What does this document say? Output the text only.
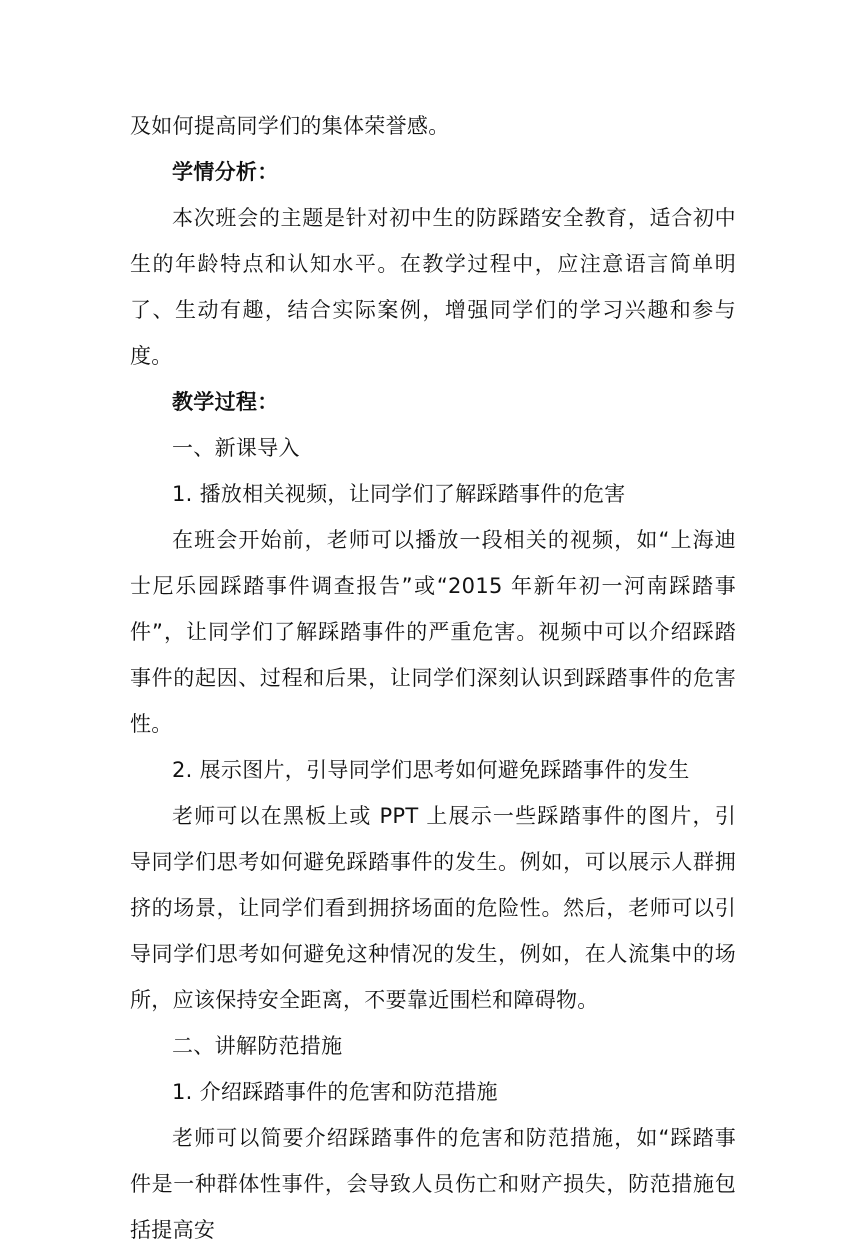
及如何提高同学们的集体荣誉感。

学情分析：

本次班会的主题是针对初中生的防踩踏安全教育，适合初中生的年龄特点和认知水平。在教学过程中，应注意语言简单明了、生动有趣，结合实际案例，增强同学们的学习兴趣和参与度。

教学过程：

一、新课导入

1. 播放相关视频，让同学们了解踩踏事件的危害

在班会开始前，老师可以播放一段相关的视频，如“上海迪士尼乐园踩踏事件调查报告”或“2015 年新年初一河南踩踏事件”，让同学们了解踩踏事件的严重危害。视频中可以介绍踩踏事件的起因、过程和后果，让同学们深刻认识到踩踏事件的危害性。

2. 展示图片，引导同学们思考如何避免踩踏事件的发生

老师可以在黑板上或 PPT 上展示一些踩踏事件的图片，引导同学们思考如何避免踩踏事件的发生。例如，可以展示人群拥挤的场景，让同学们看到拥挤场面的危险性。然后，老师可以引导同学们思考如何避免这种情况的发生，例如，在人流集中的场所，应该保持安全距离，不要靠近围栏和障碍物。

二、讲解防范措施

1. 介绍踩踏事件的危害和防范措施

老师可以简要介绍踩踏事件的危害和防范措施，如“踩踏事件是一种群体性事件，会导致人员伤亡和财产损失，防范措施包括提高安
